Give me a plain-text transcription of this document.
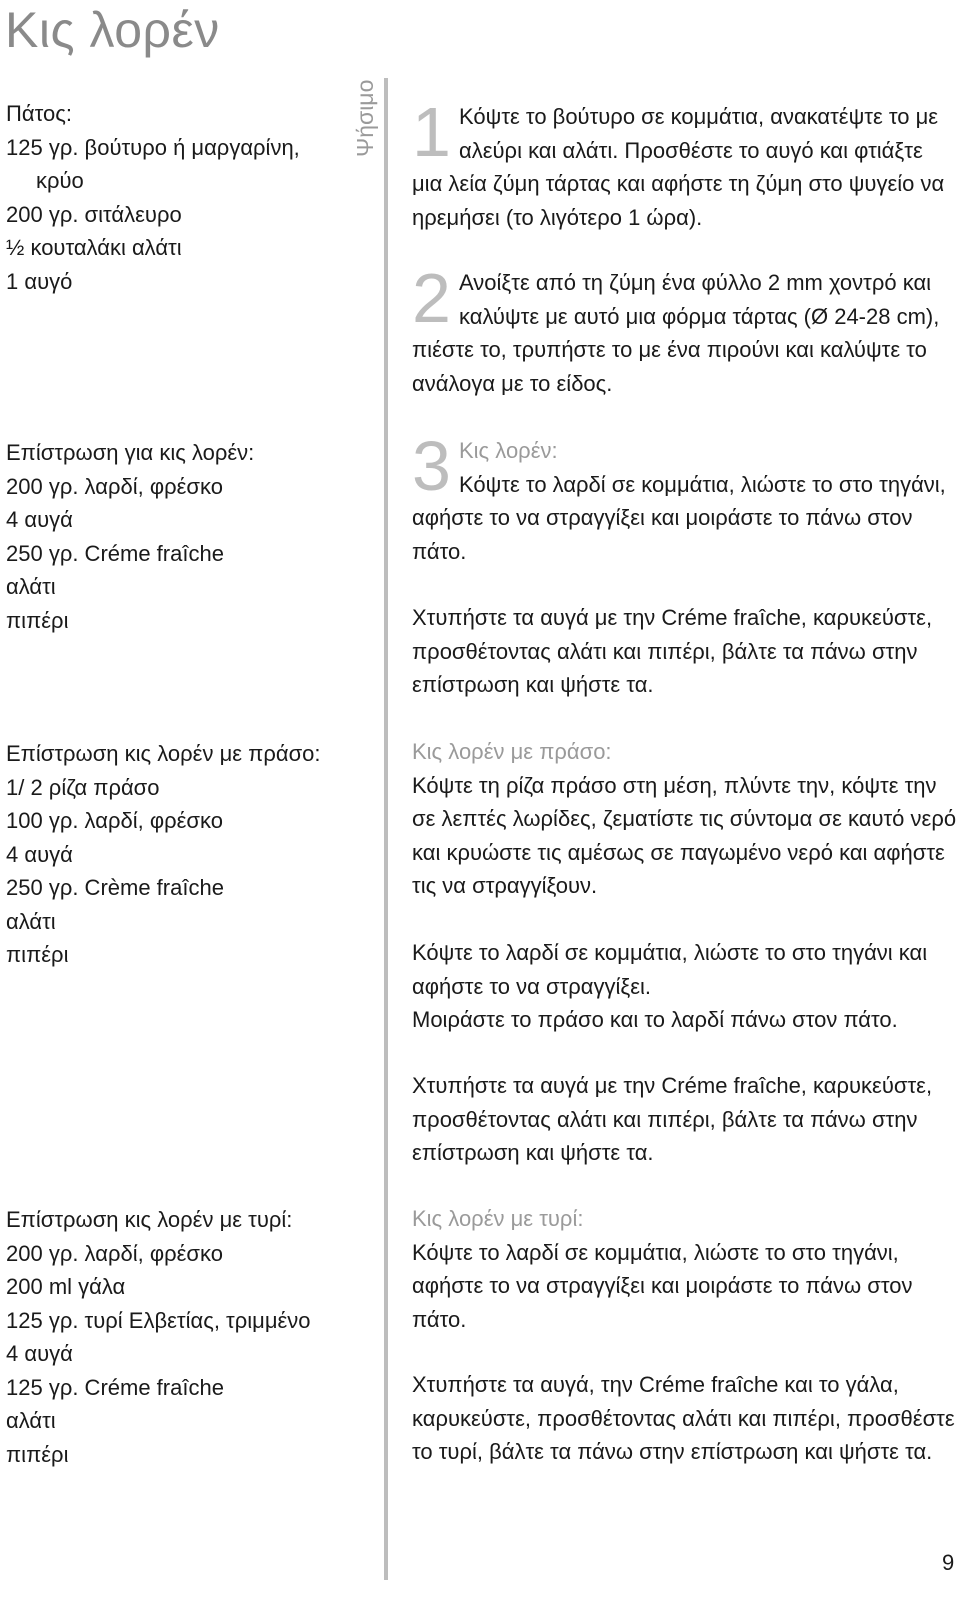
Κις λορέν
Ψήσιμο
Πάτος:
125 γρ. βούτυρο ή μαργαρίνη,
κρύο
200 γρ. σιτάλευρο
½ κουταλάκι αλάτι
1 αυγό
Επίστρωση για κις λορέν:
200 γρ. λαρδί, φρέσκο
4 αυγά
250 γρ. Créme fraîche
αλάτι
πιπέρι
Επίστρωση κις λορέν με πράσο:
1/ 2 ρίζα πράσο
100 γρ. λαρδί, φρέσκο
4 αυγά
250 γρ. Crème fraîche
αλάτι
πιπέρι
Επίστρωση κις λορέν με τυρί:
200 γρ. λαρδί, φρέσκο
200 ml γάλα
125 γρ. τυρί Ελβετίας, τριμμένο
4 αυγά
125 γρ. Créme fraîche
αλάτι
πιπέρι
1 Κόψτε το βούτυρο σε κομμάτια, ανακατέψτε το με αλεύρι και αλάτι. Προσθέστε το αυγό και φτιάξτε μια λεία ζύμη τάρτας και αφήστε τη ζύμη στο ψυγείο να ηρεμήσει (το λιγότερο 1 ώρα).

2 Ανοίξτε από τη ζύμη ένα φύλλο 2 mm χοντρό και καλύψτε με αυτό μια φόρμα τάρτας (Ø 24-28 cm), πιέστε το, τρυπήστε το με ένα πιρούνι και καλύψτε το ανάλογα με το είδος.

3 Κις λορέν:

Κόψτε το λαρδί σε κομμάτια, λιώστε το στο τηγάνι, αφήστε το να στραγγίξει και μοιράστε το πάνω στον πάτο.

Χτυπήστε τα αυγά με την Créme fraîche, καρυκεύστε, προσθέτοντας αλάτι και πιπέρι, βάλτε τα πάνω στην επίστρωση και ψήστε τα.

Κις λορέν με πράσο:

Κόψτε τη ρίζα πράσο στη μέση, πλύντε την, κόψτε την σε λεπτές λωρίδες, ζεματίστε τις σύντομα σε καυτό νερό και κρυώστε τις αμέσως σε παγωμένο νερό και αφήστε τις να στραγγίξουν.

Κόψτε το λαρδί σε κομμάτια, λιώστε το στο τηγάνι και αφήστε το να στραγγίξει.

Μοιράστε το πράσο και το λαρδί πάνω στον πάτο.

Χτυπήστε τα αυγά με την Créme fraîche, καρυκεύστε, προσθέτοντας αλάτι και πιπέρι, βάλτε τα πάνω στην επίστρωση και ψήστε τα.

Κις λορέν με τυρί:

Κόψτε το λαρδί σε κομμάτια, λιώστε το στο τηγάνι, αφήστε το να στραγγίξει και μοιράστε το πάνω στον πάτο.

Χτυπήστε τα αυγά, την Créme fraîche και το γάλα, καρυκεύστε, προσθέτοντας αλάτι και πιπέρι, προσθέστε το τυρί, βάλτε τα πάνω στην επίστρωση και ψήστε τα.

9
